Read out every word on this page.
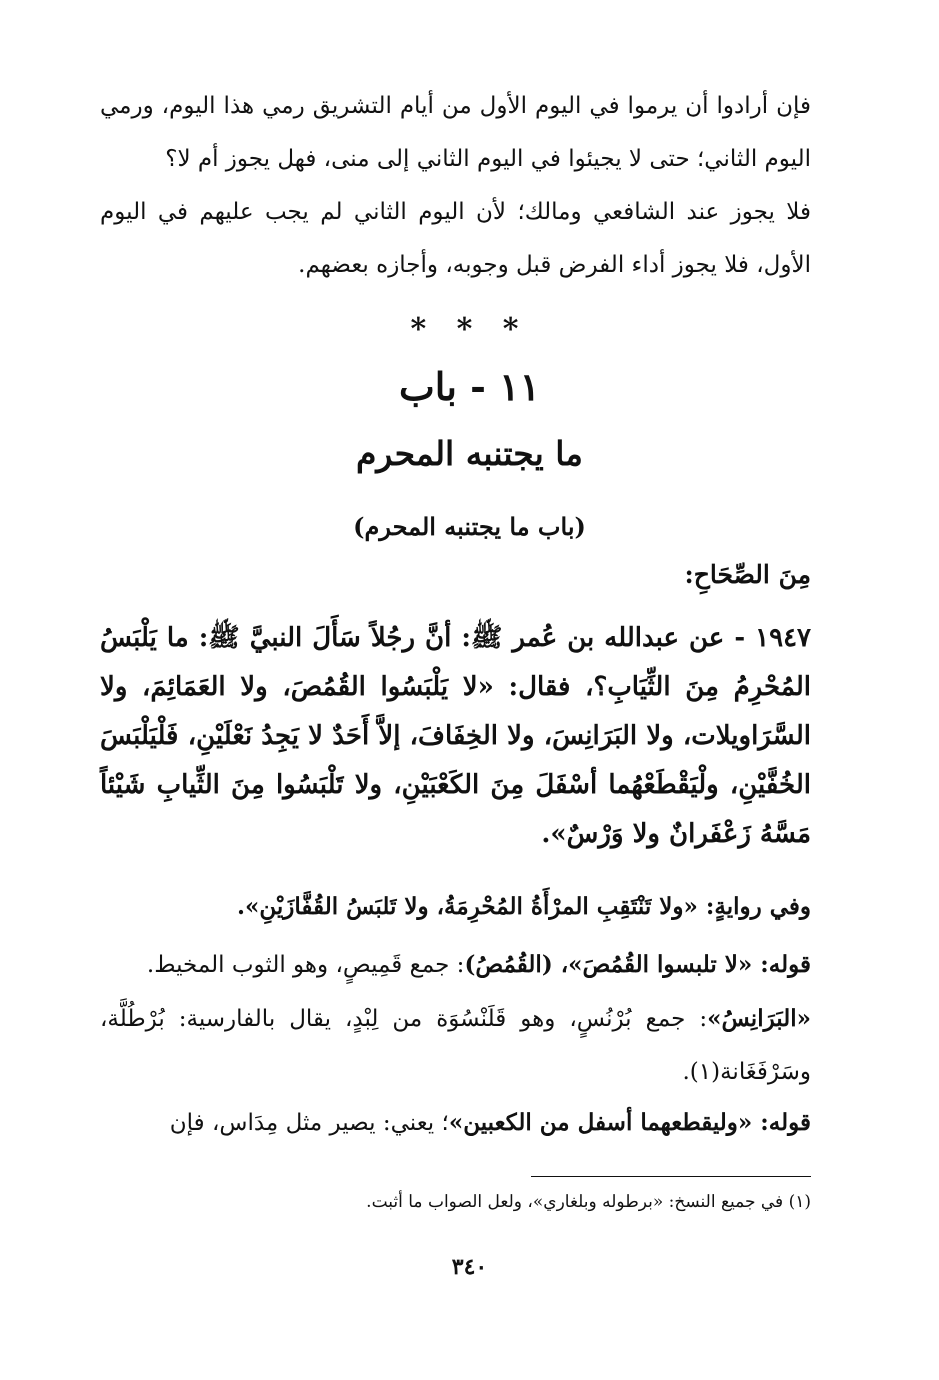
فإن أرادوا أن يرموا في اليوم الأول من أيام التشريق رمي هذا اليوم، ورمي اليوم الثاني؛ حتى لا يجيئوا في اليوم الثاني إلى منى، فهل يجوز أم لا؟

فلا يجوز عند الشافعي ومالك؛ لأن اليوم الثاني لم يجب عليهم في اليوم الأول، فلا يجوز أداء الفرض قبل وجوبه، وأجازه بعضهم.

* * *
١١ - باب
ما يجتنبه المحرم
(باب ما يجتنبه المحرم)
مِنَ الصِّحَاحِ:

١٩٤٧ - عن عبدالله بن عُمر ﷺ: أنَّ رجُلاً سَأَلَ النبيَّ ﷺ: ما يَلْبَسُ المُحْرِمُ مِنَ الثِّيَابِ؟، فقال: «لا يَلْبَسُوا القُمُصَ، ولا العَمَائِمَ، ولا السَّرَاويلات، ولا البَرَانِسَ، ولا الخِفَافَ، إلاَّ أَحَدٌ لا يَجِدُ نَعْلَيْنِ، فَلْيَلْبَسَ الخُفَّيْنِ، ولْيَقْطَعْهُما أسْفَلَ مِنَ الكَعْبَيْنِ، ولا تَلْبَسُوا مِنَ الثِّيابِ شَيْئاً مَسَّهُ زَعْفَرانٌ ولا وَرْسٌ».

وفي روايةٍ: «ولا تَنْتَقِبِ المرْأَةُ المُحْرِمَةُ، ولا تَلبَسُ القُفَّازَيْنِ».

قوله: «لا تلبسوا القُمُصَ»، (القُمُصُ): جمع قَمِيصٍ، وهو الثوب المخيط.

«البَرَانِسُ»: جمع بُرْنُسٍ، وهو قَلَنْسُوَة من لِبْدٍ، يقال بالفارسية: بُرْطُلَّة، وسَرْفَغَانة(١).

قوله: «وليقطعهما أسفل من الكعبين»؛ يعني: يصير مثل مِدَاس، فإن

(١) في جميع النسخ: «برطوله وبلغاري»، ولعل الصواب ما أثبت.
٣٤٠
